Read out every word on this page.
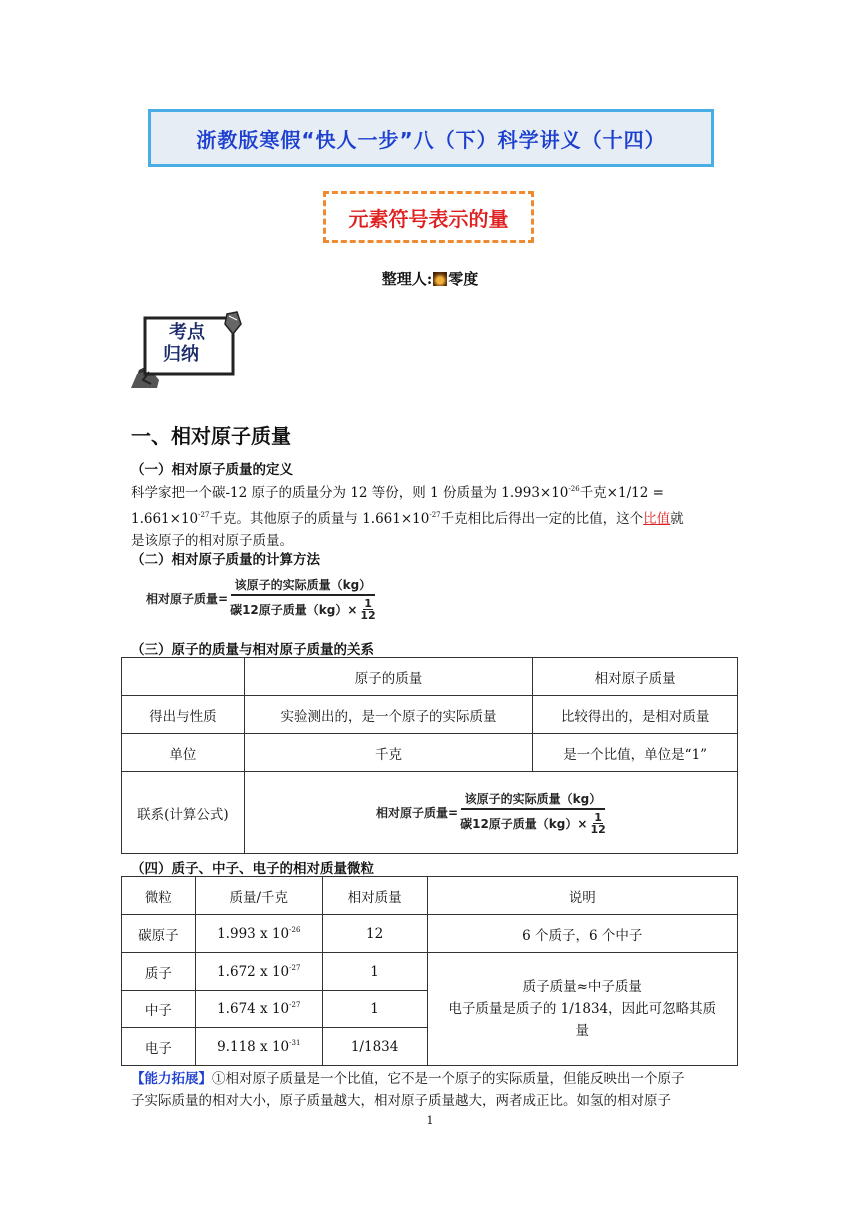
浙教版寒假“快人一步”八（下）科学讲义（十四）
元素符号表示的量
整理人: 零度
考点
归纳
一、相对原子质量
（一）相对原子质量的定义
科学家把一个碳-12 原子的质量分为 12 等份，则 1 份质量为 $1.993\times 10^{-26}$千克×1/12 =
$1.661\times 10^{-27}$千克。其他原子的质量与 $1.661\times 10^{-27}$千克相比后得出一定的比值，这个比值就
是该原子的相对原子质量。
（二）相对原子质量的计算方法
相对原子质量= $\frac{\text{该原子的实际质量（kg）}}{碳12原子质量(kg)\times \frac{1}{12}}$
（三）原子的质量与相对原子质量的关系
	原子的质量	相对原子质量
得出与性质	实验测出的，是一个原子的实际质量	比较得出的，是相对质量
单位	千克	是一个比值，单位是“1”
联系(计算公式)	相对原子质量= $\frac{\text{该原子的实际质量（kg）}}{碳12原子质量(kg)\times \frac{1}{12}}$
（四）质子、中子、电子的相对质量微粒
微粒	质量/千克	相对质量	说明
碳原子	1.993 x $10^{-26}$	12	6 个质子，6 个中子
质子	1.672 x $10^{-27}$	1	质子质量≈中子质量
电子质量是质子的 1/1834，因此可忽略其质
量

中子	1.674 x $10^{-27}$	1	
电子	9.118 x $10^{-31}$	1/1834	
【能力拓展】①相对原子质量是一个比值，它不是一个原子的实际质量，但能反映出一个原子
子实际质量的相对大小，原子质量越大，相对原子质量越大，两者成正比。如氢的相对原子
1
